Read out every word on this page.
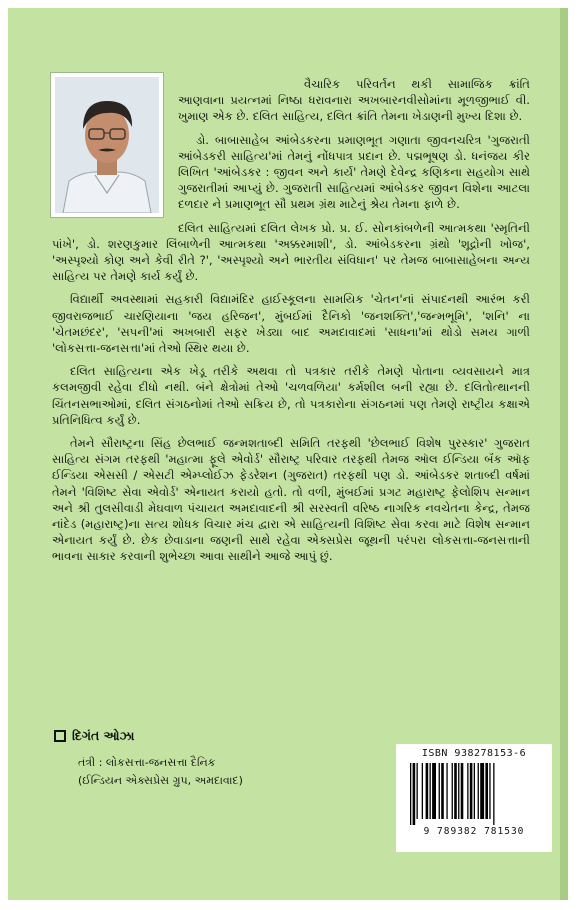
વૈચારિક પરિવર્તન થકી સામાજિક ક્રાંતિ આણવાના પ્રયત્નમાં નિષ્ઠા ધરાવનારા અખબારનવીસોમાંના મૂળજીભાઈ વી. ખુમાણ એક છે. દલિત સાહિત્ય, દલિત ક્રાંતિ તેમના ખેડાણની મુખ્ય દિશા છે.

ડો. બાબાસાહેબ આંબેડકરના પ્રમાણભૂત ગણાતા જીવનચરિત્ર 'ગુજરાતી આંબેડકરી સાહિત્ય'માં તેમનું નોંધપાત્ર પ્રદાન છે. પદ્મભૂષણ ડો. ધનંજય કીર લિખિત 'આંબેડકર : જીવન અને કાર્ય' તેમણે દેવેન્દ્ર કણિકના સહયોગ સાથે ગુજરાતીમાં આપ્યું છે. ગુજરાતી સાહિત્યમાં આંબેડકર જીવન વિશેના આટલા દળદાર ને પ્રમાણભૂત સૌ પ્રથમ ગ્રંથ માટેનું શ્રેય તેમના ફાળે છે.

દલિત સાહિત્યમાં દલિત લેખક પ્રો. પ્ર. ઈ. સોનકાંબળેની આત્મકથા 'સ્મૃતિની પાંખે', ડો. શરણકુમાર લિંબાળેની આત્મકથા 'અક્કરમાશી', ડો. આંબેડકરના ગ્રંથો 'શૂદ્રોની ખોજ', 'અસ્પૃશ્યો કોણ અને કેવી રીતે ?', 'અસ્પૃશ્યો અને ભારતીય સંવિધાન' પર તેમજ બાબાસાહેબના અન્ય સાહિત્ય પર તેમણે કાર્ય કર્યું છે.

વિદ્યાર્થી અવસ્થામાં સહકારી વિદ્યામંદિર હાઈસ્કૂલના સામયિક 'ચેતન'નાં સંપાદનથી આરંભ કરી જીવરાજભાઈ ચારણિયાના 'જય હરિજન', મુંબઈમાં દૈનિકો 'જનશક્તિ','જન્મભૂમિ', 'શનિ' ના 'ચેતમછંદર', 'સપની'માં અખબારી સફર ખેડ્યા બાદ અમદાવાદમાં 'સાધના'માં થોડો સમય ગાળી 'લોકસત્તા-જનસત્તા'માં તેઓ સ્થિર થયા છે.

દલિત સાહિત્યના એક ખેડૂ તરીકે અથવા તો પત્રકાર તરીકે તેમણે પોતાના વ્યવસાયને માત્ર કલમજીવી રહેવા દીધો નથી. બંને ક્ષેત્રોમાં તેઓ 'ચળવળિયા' કર્મશીલ બની રહ્યા છે. દલિતોત્થાનની ચિંતનસભાઓમાં, દલિત સંગઠનોમાં તેઓ સક્રિય છે, તો પત્રકારોના સંગઠનમાં પણ તેમણે રાષ્ટ્રીય કક્ષાએ પ્રતિનિધિત્વ કર્યું છે.

તેમને સૌરાષ્ટ્રના સિંહ છેલભાઈ જન્મશતાબ્દી સમિતિ તરફથી 'છેલભાઈ વિશેષ પુરસ્કાર' ગુજરાત સાહિત્ય સંગમ તરફથી 'મહાત્મા ફૂલે એવોર્ડ' સૌરાષ્ટ્ર પરિવાર તરફથી તેમજ ઑલ ઈન્ડિયા બૅંક ઑફ ઈન્ડિયા એસસી / એસટી એમ્પ્લોઈઝ ફેડરેશન (ગુજરાત) તરફથી પણ ડો. આંબેડકર શતાબ્દી વર્ષમાં તેમને 'વિશિષ્ટ સેવા એવોર્ડ' એનાયત કરાયો હતો. તો વળી, મુંબઈમાં પ્રગટ મહારાષ્ટ્ર ફેલોશિપ સન્માન અને શ્રી તુલસીવાડી મેઘવાળ પંચાયત અમદાવાદની શ્રી સરસ્વતી વરિષ્ઠ નાગરિક નવચેતના કેન્દ્ર, તેમજ નાંદેડ (મહારાષ્ટ્ર)ના સત્ય શોધક વિચાર મંચ દ્વારા એ સાહિત્યની વિશિષ્ટ સેવા કરવા માટે વિશેષ સન્માન એનાયત કર્યું છે. છેક છેવાડાના જણની સાથે રહેવા એક્સપ્રેસ જૂથની પરંપરા લોકસત્તા-જનસત્તાની ભાવના સાકાર કરવાની શુભેચ્છા આવા સાથીને આજે આપું છું.

દિગંત ઓઝા
તંત્રી : લોકસત્તા-જનસત્તા દૈનિક
(ઈન્ડિયન એક્સપ્રેસ ગ્રુપ, અમદાવાદ)
ISBN 938278153-6
9 789382 781530
